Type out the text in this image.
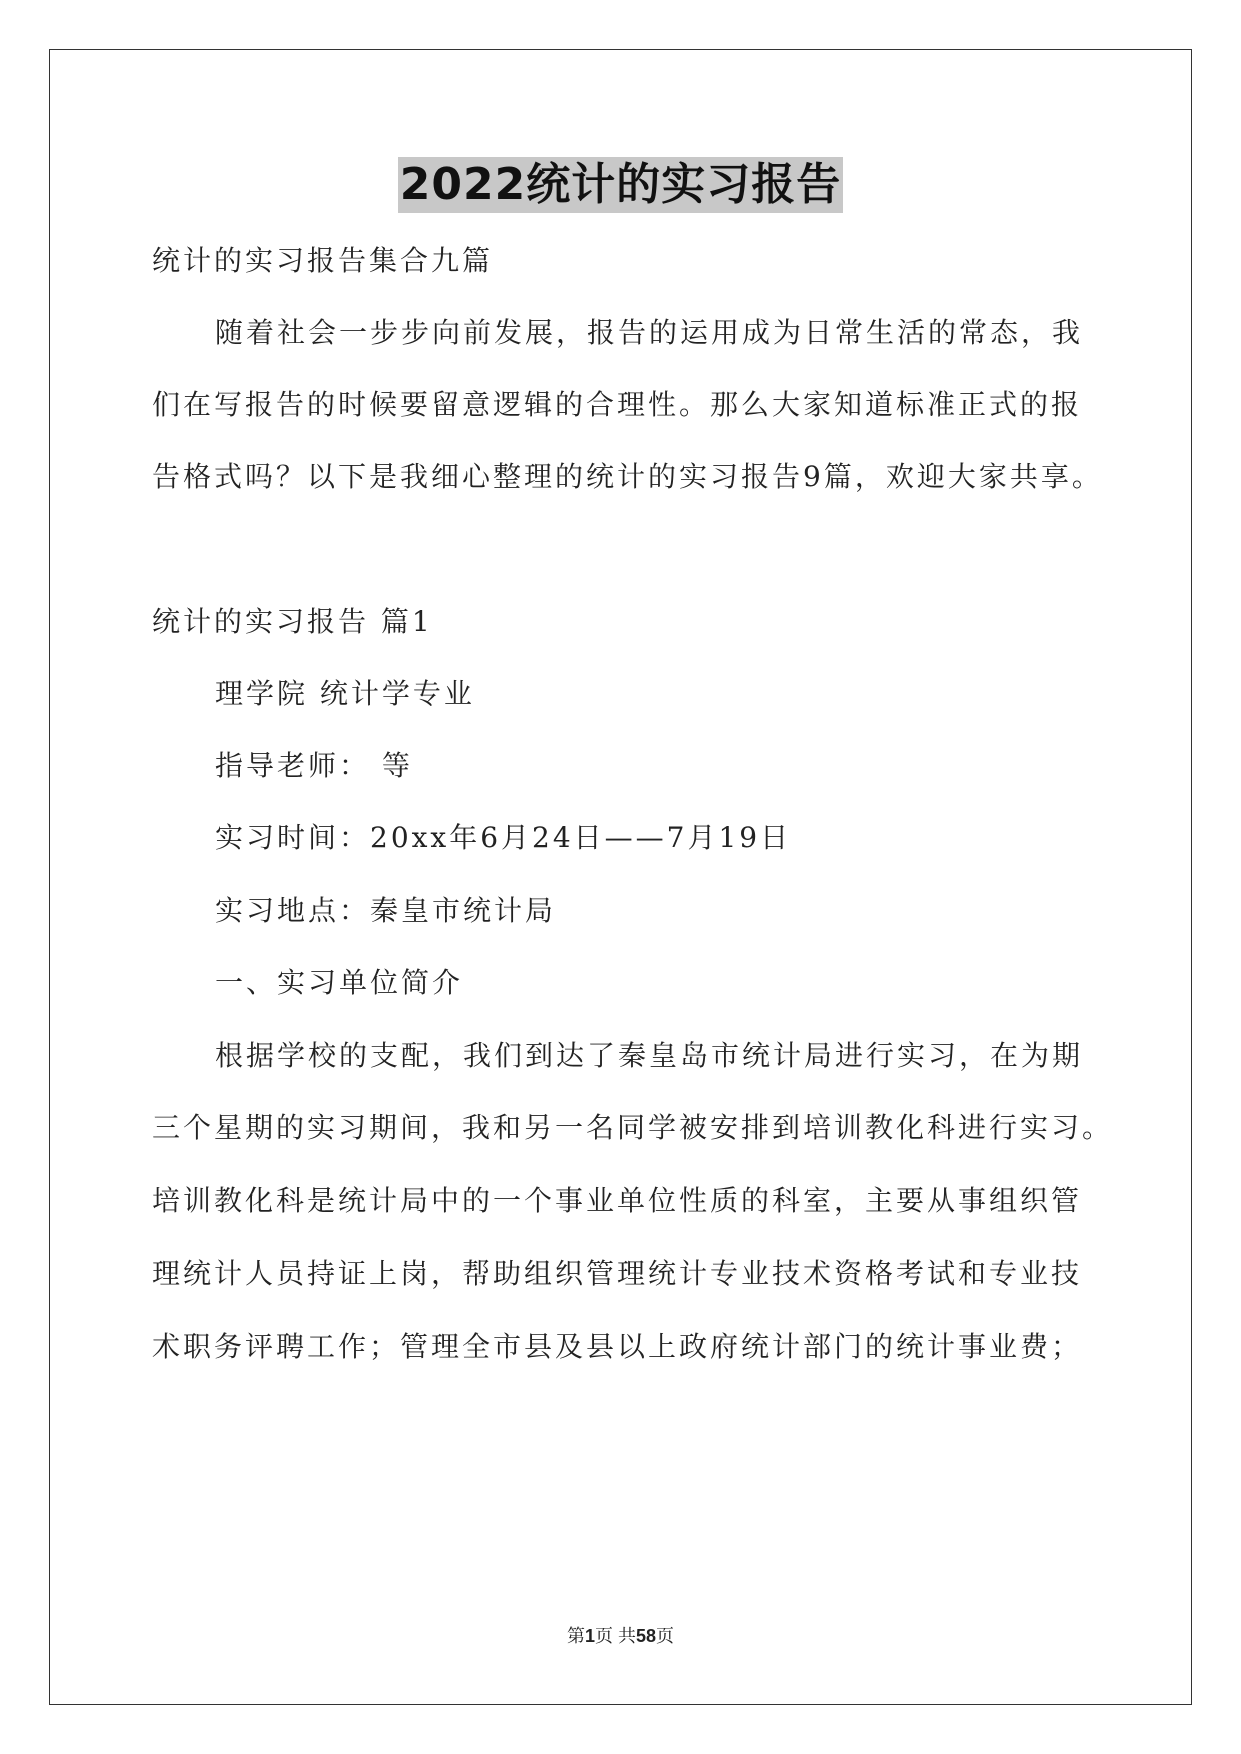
2022统计的实习报告
统计的实习报告集合九篇
随着社会一步步向前发展，报告的运用成为日常生活的常态，我
们在写报告的时候要留意逻辑的合理性。那么大家知道标准正式的报
告格式吗？以下是我细心整理的统计的实习报告9篇，欢迎大家共享。
统计的实习报告 篇1
理学院 统计学专业
指导老师： 等
实习时间：20xx年6月24日——7月19日
实习地点：秦皇市统计局
一、实习单位简介
根据学校的支配，我们到达了秦皇岛市统计局进行实习，在为期
三个星期的实习期间，我和另一名同学被安排到培训教化科进行实习。
培训教化科是统计局中的一个事业单位性质的科室，主要从事组织管
理统计人员持证上岗，帮助组织管理统计专业技术资格考试和专业技
术职务评聘工作；管理全市县及县以上政府统计部门的统计事业费；
第1页 共58页
